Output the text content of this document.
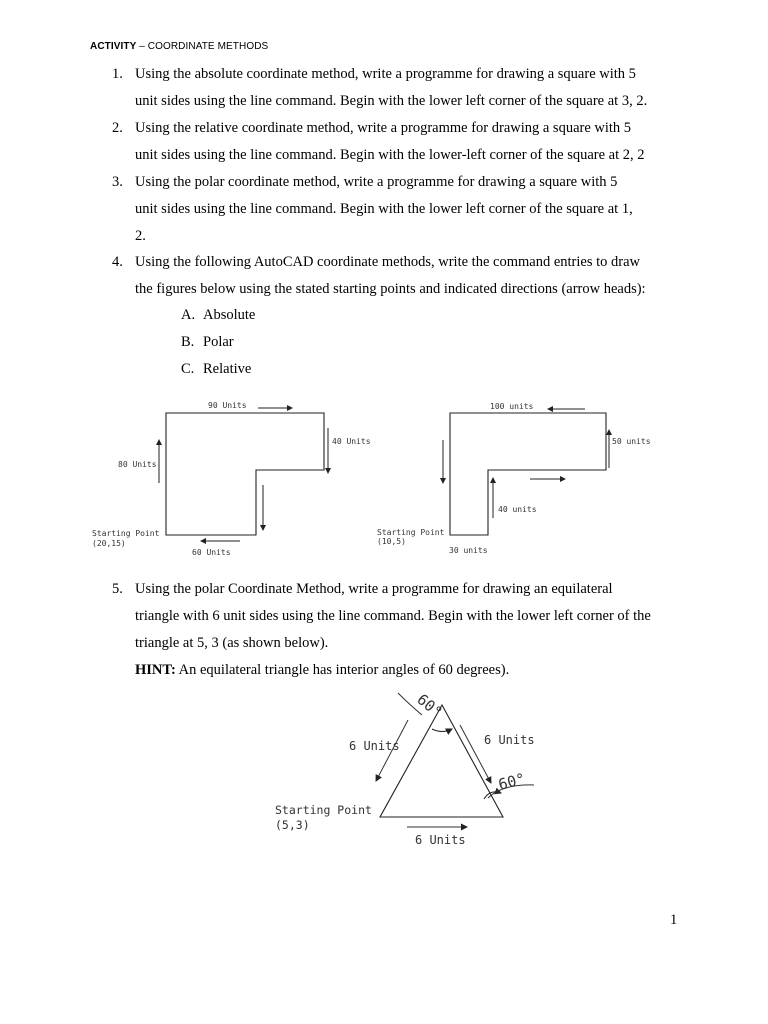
ACTIVITY – COORDINATE METHODS
1. Using the absolute coordinate method, write a programme for drawing a square with 5
unit sides using the line command. Begin with the lower left corner of the square at 3, 2.
2. Using the relative coordinate method, write a programme for drawing a square with 5
unit sides using the line command. Begin with the lower-left corner of the square at 2, 2
3. Using the polar coordinate method, write a programme for drawing a square with 5
unit sides using the line command. Begin with the lower left corner of the square at 1,
2.
4. Using the following AutoCAD coordinate methods, write the command entries to draw
the figures below using the stated starting points and indicated directions (arrow heads):
A. Absolute
B. Polar
C. Relative
90 Units
40 Units
80 Units
60 Units
Starting Point
(20,15)
100 units
50 units
40 units
30 units
Starting Point
(10,5)
5. Using the polar Coordinate Method, write a programme for drawing an equilateral
triangle with 6 unit sides using the line command. Begin with the lower left corner of the
triangle at 5, 3 (as shown below).
HINT: An equilateral triangle has interior angles of 60 degrees).
6 Units	6 Units
6 Units
60°
60°
Starting Point
(5,3)
1
